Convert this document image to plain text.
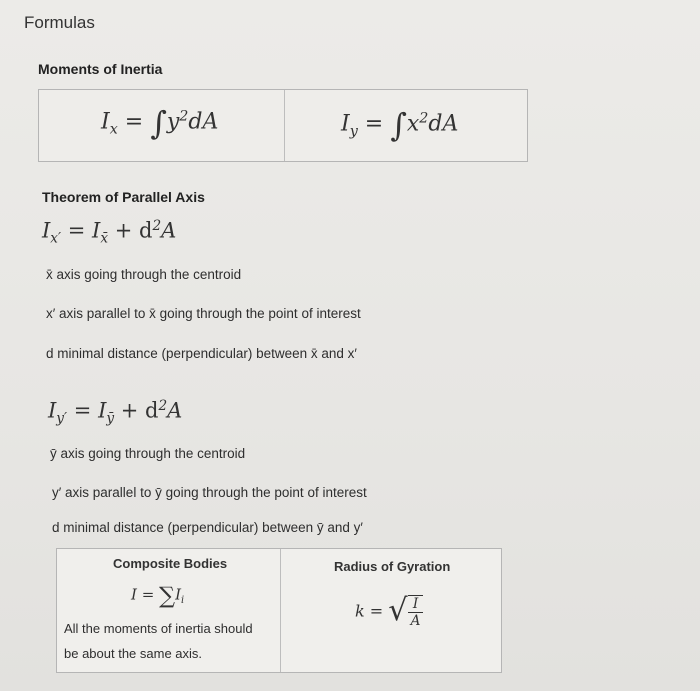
Formulas
Moments of Inertia
$I_x = \int y^2dA$	$I_y = \int x^2dA$
Theorem of Parallel Axis
$I_{x'} = I_{x̄} + d^2A$
x̄ axis going through the centroid
x′ axis parallel to x̄ going through the point of interest
d minimal distance (perpendicular) between x̄ and x′
$I_{y'} = I_ȳ + d^2A$
ȳ axis going through the centroid
y′ axis parallel to ȳ going through the point of interest
d minimal distance (perpendicular) between ȳ and y′
Composite Bodies
$I = \sum I_i$
All the moments of inertia should
be about the same axis.
Radius of Gyration
k = √ $\frac{I}{A}$
